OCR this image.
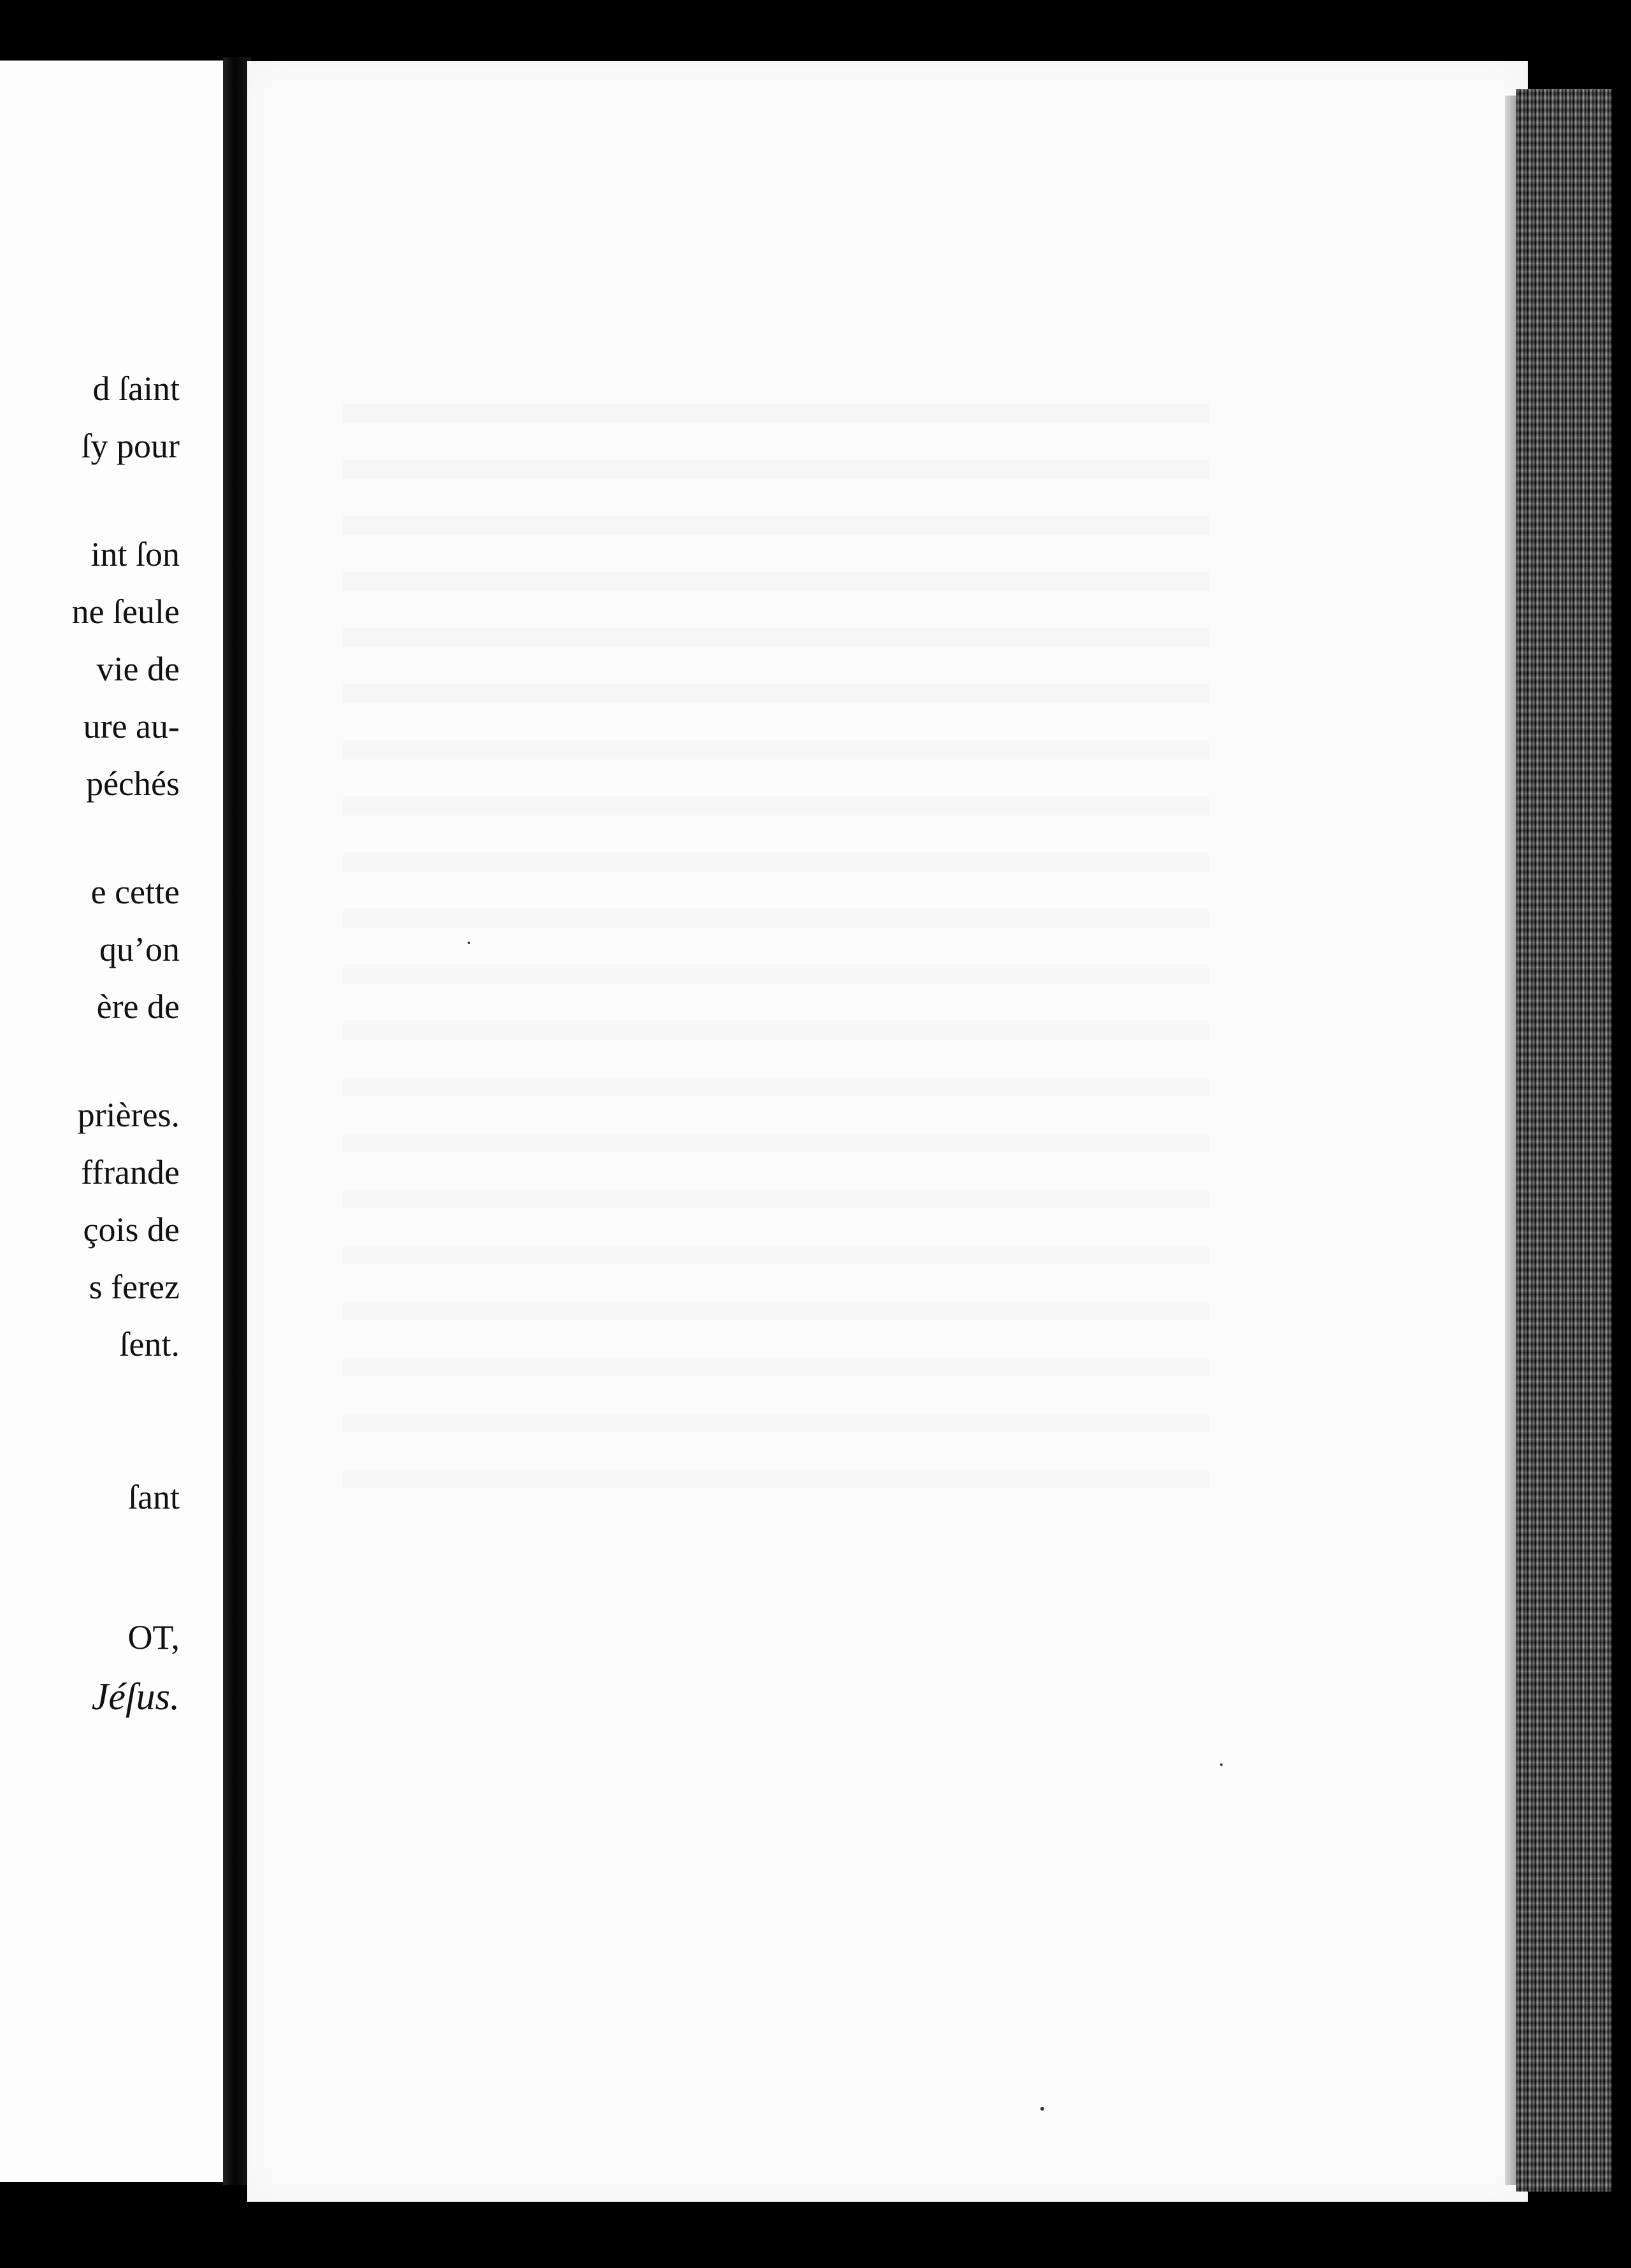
d ſaint
ſy pour
int ſon
ne ſeule
vie de
ure au-
péchés
e cette
qu’on
ère de
prières.
ffrande
çois de
s ferez
ſent.
ſant
OT,
Jéſus.
